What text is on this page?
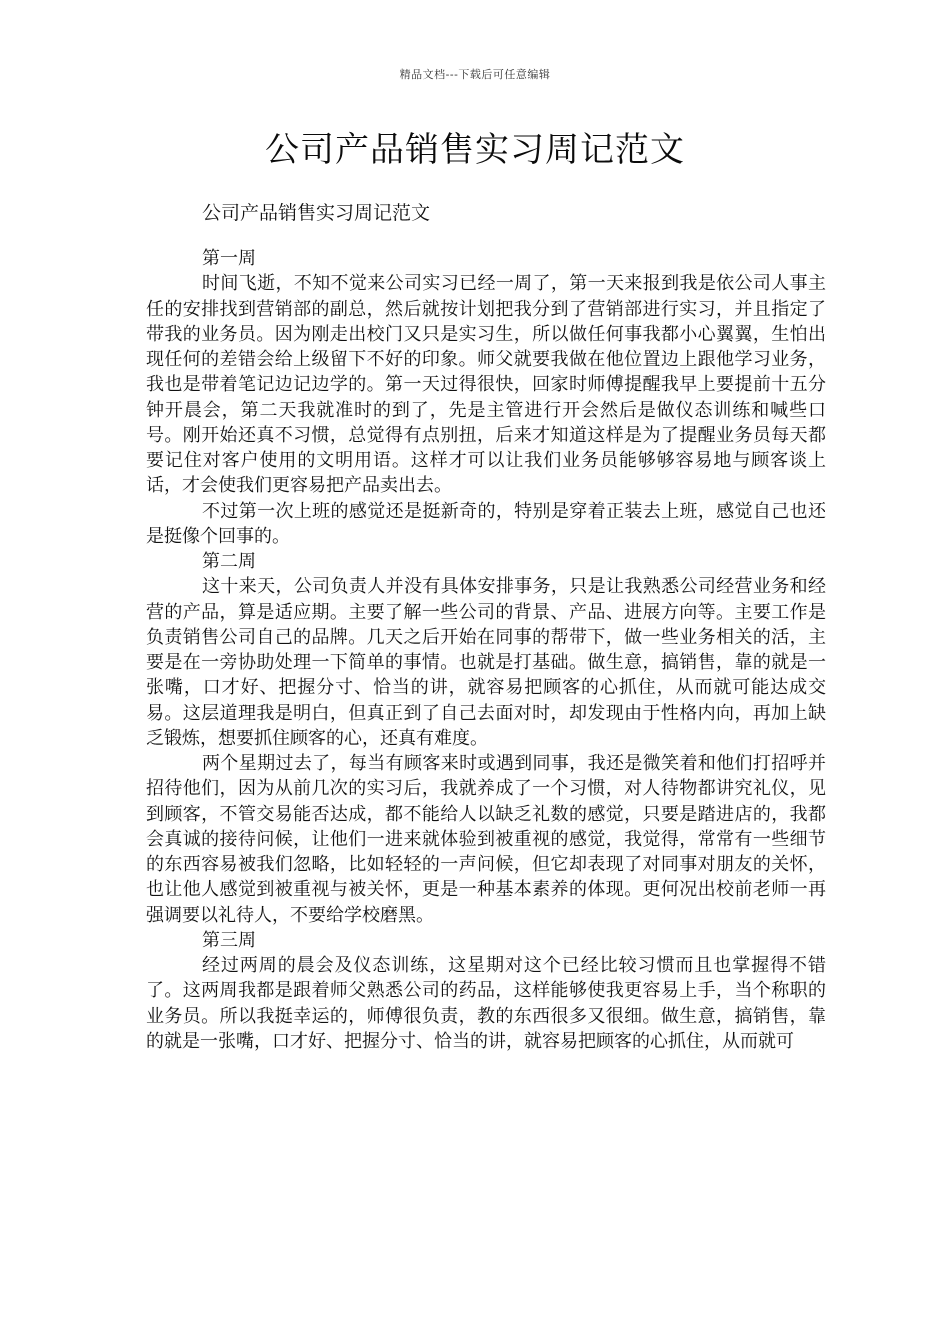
精品文档---下载后可任意编辑
公司产品销售实习周记范文
公司产品销售实习周记范文

第一周

时间飞逝，不知不觉来公司实习已经一周了，第一天来报到我是依公司人事主任的安排找到营销部的副总，然后就按计划把我分到了营销部进行实习，并且指定了带我的业务员。因为刚走出校门又只是实习生，所以做任何事我都小心翼翼，生怕出现任何的差错会给上级留下不好的印象。师父就要我做在他位置边上跟他学习业务，我也是带着笔记边记边学的。第一天过得很快，回家时师傅提醒我早上要提前十五分钟开晨会，第二天我就准时的到了，先是主管进行开会然后是做仪态训练和喊些口号。刚开始还真不习惯，总觉得有点别扭，后来才知道这样是为了提醒业务员每天都要记住对客户使用的文明用语。这样才可以让我们业务员能够够容易地与顾客谈上话，才会使我们更容易把产品卖出去。

不过第一次上班的感觉还是挺新奇的，特别是穿着正装去上班，感觉自己也还是挺像个回事的。

第二周

这十来天，公司负责人并没有具体安排事务，只是让我熟悉公司经营业务和经营的产品，算是适应期。主要了解一些公司的背景、产品、进展方向等。主要工作是负责销售公司自己的品牌。几天之后开始在同事的帮带下，做一些业务相关的活，主要是在一旁协助处理一下简单的事情。也就是打基础。做生意，搞销售，靠的就是一张嘴，口才好、把握分寸、恰当的讲，就容易把顾客的心抓住，从而就可能达成交易。这层道理我是明白，但真正到了自己去面对时，却发现由于性格内向，再加上缺乏锻炼，想要抓住顾客的心，还真有难度。

两个星期过去了，每当有顾客来时或遇到同事，我还是微笑着和他们打招呼并招待他们，因为从前几次的实习后，我就养成了一个习惯，对人待物都讲究礼仪，见到顾客，不管交易能否达成，都不能给人以缺乏礼数的感觉，只要是踏进店的，我都会真诚的接待问候，让他们一进来就体验到被重视的感觉，我觉得，常常有一些细节的东西容易被我们忽略，比如轻轻的一声问候，但它却表现了对同事对朋友的关怀，也让他人感觉到被重视与被关怀，更是一种基本素养的体现。更何况出校前老师一再强调要以礼待人，不要给学校磨黑。

第三周

经过两周的晨会及仪态训练，这星期对这个已经比较习惯而且也掌握得不错了。这两周我都是跟着师父熟悉公司的药品，这样能够使我更容易上手，当个称职的业务员。所以我挺幸运的，师傅很负责，教的东西很多又很细。做生意，搞销售，靠的就是一张嘴，口才好、把握分寸、恰当的讲，就容易把顾客的心抓住，从而就可
